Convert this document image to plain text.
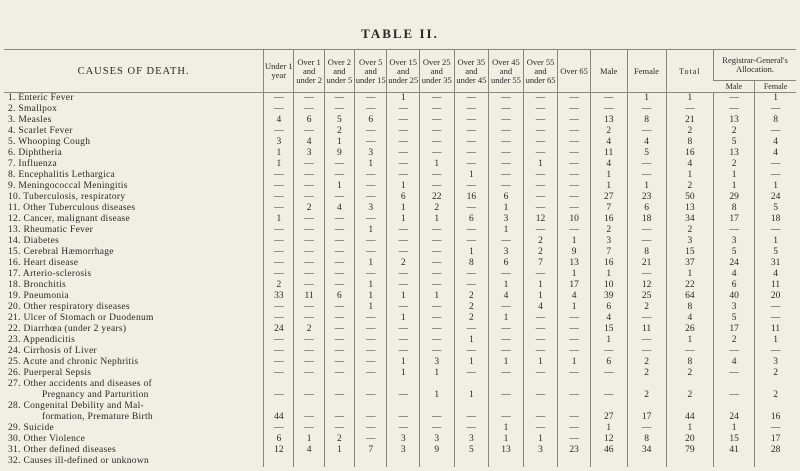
TABLE II.
CAUSES OF DEATH.	Under 1 year	Over 1 and under 2	Over 2 and under 5	Over 5 and under 15	Over 15 and under 25	Over 25 and under 35	Over 35 and under 45	Over 45 and under 55	Over 55 and under 65	Over 65	Male	Female	Total	Registrar-General's Allocation.	
														Male	Female
1. Enteric Fever	—	—	—	—	1	—	—	—	—	—	—	1	1	—	1
2. Smallpox	—	—	—	—	—	—	—	—	—	—	—	—	—	—	—
3. Measles	4	6	5	6	—	—	—	—	—	—	13	8	21	13	8
4. Scarlet Fever	—	—	2	—	—	—	—	—	—	—	2	—	2	2	—
5. Whooping Cough	3	4	1	—	—	—	—	—	—	—	4	4	8	5	4
6. Diphtheria	1	3	9	3	—	—	—	—	—	—	11	5	16	13	4
7. Influenza	1	—	—	1	—	1	—	—	1	—	4	—	4	2	—
8. Encephalitis Lethargica	—	—	—	—	—	—	1	—	—	—	1	—	1	1	—
9. Meningococcal Meningitis	—	—	1	—	1	—	—	—	—	—	1	1	2	1	1
10. Tuberculosis, respiratory	—	—	—	—	6	22	16	6	—	—	27	23	50	29	24
11. Other Tuberculous diseases	—	2	4	3	1	2	—	1	—	—	7	6	13	8	5
12. Cancer, malignant disease	1	—	—	—	1	1	6	3	12	10	16	18	34	17	18
13. Rheumatic Fever	—	—	—	1	—	—	—	1	—	—	2	—	2	—	—
14. Diabetes	—	—	—	—	—	—	—	—	2	1	3	—	3	3	1
15. Cerebral Hæmorrhage	—	—	—	—	—	—	1	3	2	9	7	8	15	5	5
16. Heart disease	—	—	—	1	2	—	8	6	7	13	16	21	37	24	31
17. Arterio-sclerosis	—	—	—	—	—	—	—	—	—	1	1	—	1	4	4
18. Bronchitis	2	—	—	1	—	—	—	1	1	17	10	12	22	6	11
19. Pneumonia	33	11	6	1	1	1	2	4	1	4	39	25	64	40	20
20. Other respiratory diseases	—	—	—	1	—	—	2	—	4	1	6	2	8	3	—
21. Ulcer of Stomach or Duodenum	—	—	—	—	1	—	2	1	—	—	4	—	4	5	—
22. Diarrhœa (under 2 years)	24	2	—	—	—	—	—	—	—	—	15	11	26	17	11
23. Appendicitis	—	—	—	—	—	—	1	—	—	—	1	—	1	2	1
24. Cirrhosis of Liver	—	—	—	—	—	—	—	—	—	—	—	—	—	—	—
25. Acute and chronic Nephritis	—	—	—	—	1	3	1	1	1	1	6	2	8	4	3
26. Puerperal Sepsis	—	—	—	—	1	1	—	—	—	—	—	2	2	—	2
27. Other accidents and diseases of
Pregnancy and Parturition	—	—	—	—	—	1	1	—	—	—	—	2	2	—	2
28. Congenital Debility and Mal-
formation, Premature Birth	44	—	—	—	—	—	—	—	—	—	27	17	44	24	16
29. Suicide	—	—	—	—	—	—	—	1	—	—	1	—	1	1	—
30. Other Violence	6	1	2	—	3	3	3	1	1	—	12	8	20	15	17
31. Other defined diseases	12	4	1	7	3	9	5	13	3	23	46	34	79	41	28
32. Causes ill-defined or unknown															
